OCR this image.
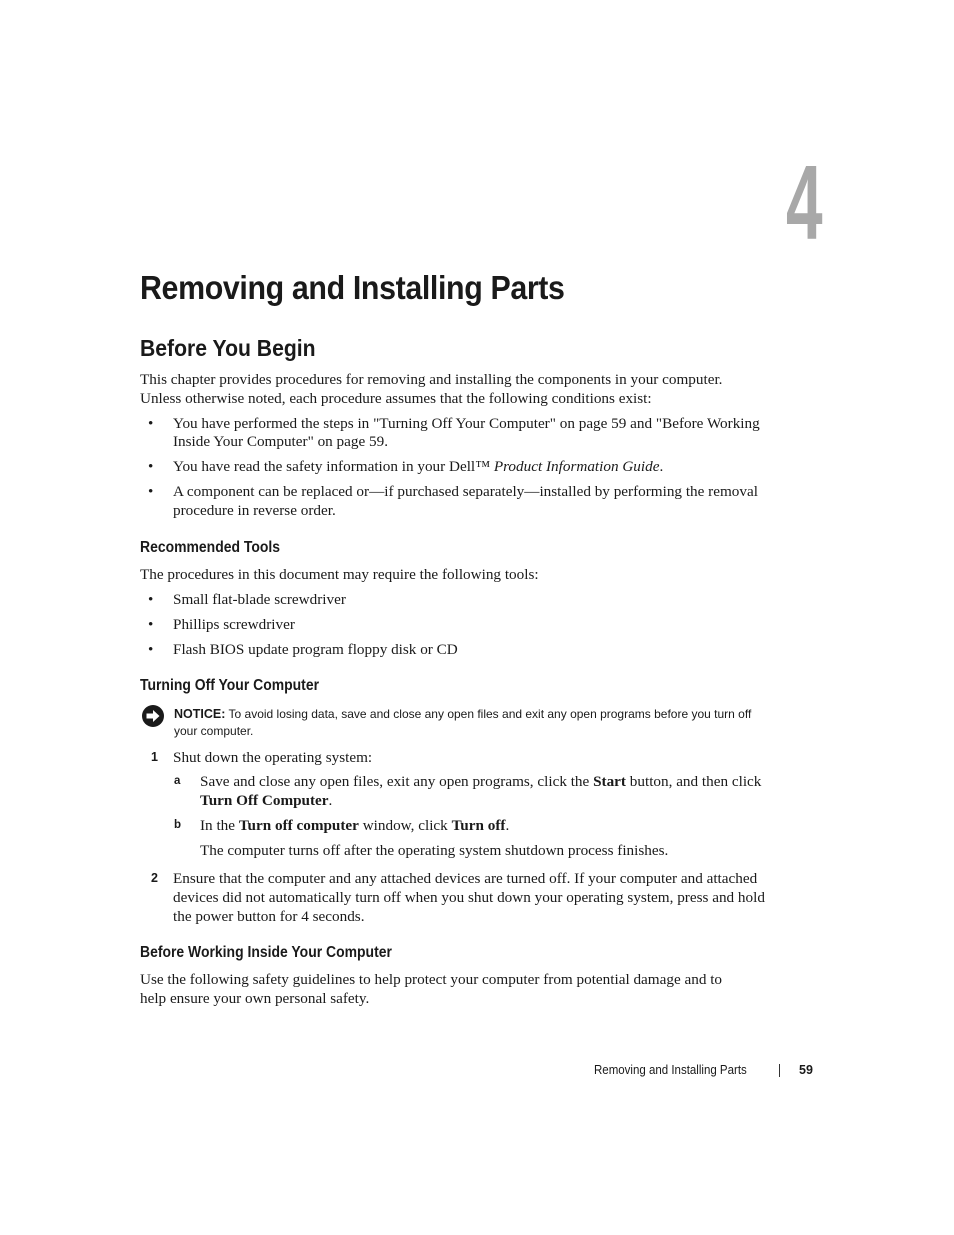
4
Removing and Installing Parts
Before You Begin

This chapter provides procedures for removing and installing the components in your computer.

Unless otherwise noted, each procedure assumes that the following conditions exist:

• You have performed the steps in "Turning Off Your Computer" on page 59 and "Before Working

Inside Your Computer" on page 59.

• You have read the safety information in your Dell™ Product Information Guide.

• A component can be replaced or—if purchased separately—installed by performing the removal

procedure in reverse order.

Recommended Tools

The procedures in this document may require the following tools:

• Small flat-blade screwdriver

• Phillips screwdriver

• Flash BIOS update program floppy disk or CD

Turning Off Your Computer
NOTICE: To avoid losing data, save and close any open files and exit any open programs before you turn off
your computer.
1 Shut down the operating system:

a Save and close any open files, exit any open programs, click the Start button, and then click

Turn Off Computer.

b In the Turn off computer window, click Turn off.

The computer turns off after the operating system shutdown process finishes.

2 Ensure that the computer and any attached devices are turned off. If your computer and attached

devices did not automatically turn off when you shut down your operating system, press and hold

the power button for 4 seconds.

Before Working Inside Your Computer

Use the following safety guidelines to help protect your computer from potential damage and to

help ensure your own personal safety.

Removing and Installing Parts	59
